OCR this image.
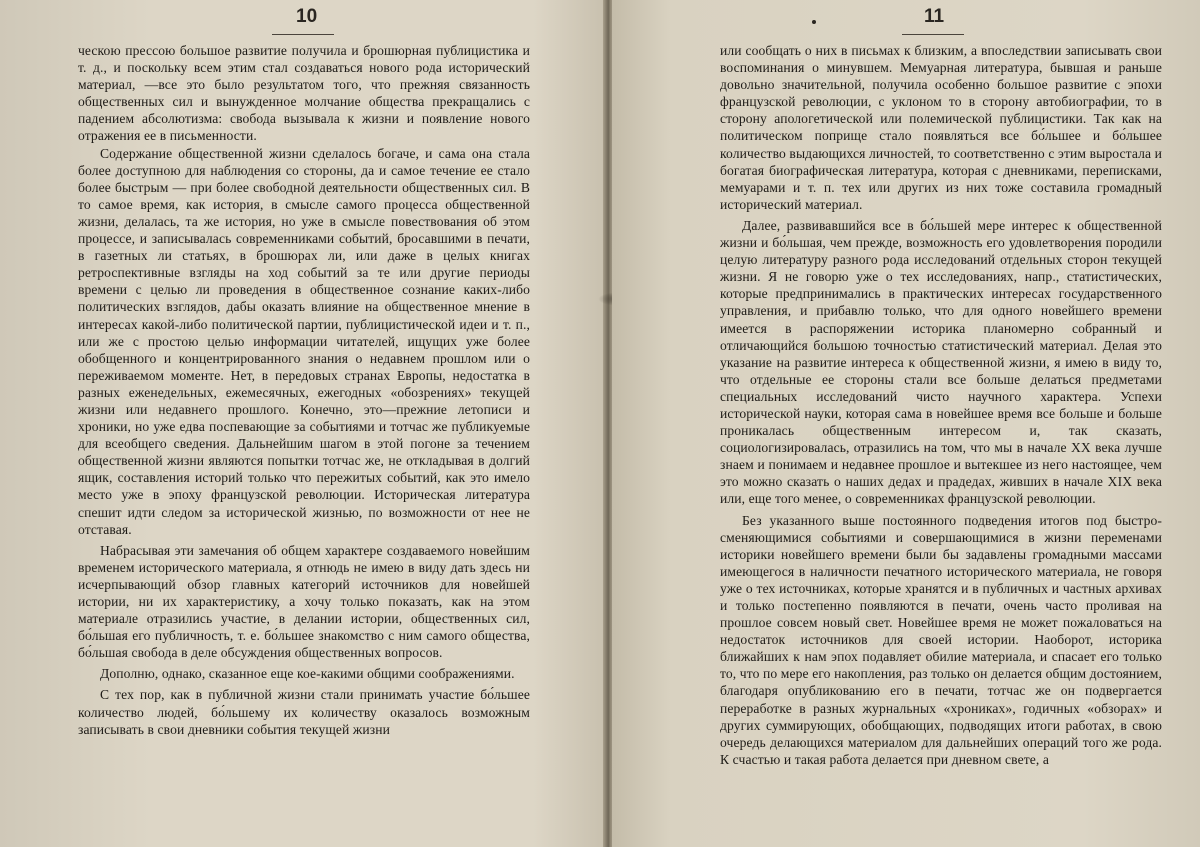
10

ческою прессою большое развитие получила и брошюрная публицистика и т. д., и поскольку всем этим стал создаваться нового рода исторический материал, —все это было результатом того, что прежняя связанность общественных сил и вынужденное молчание общества прекращались с падением абсолютизма: свобода вызывала к жизни и появление нового отражения ее в письменности.

Содержание общественной жизни сделалось богаче, и сама она стала более доступною для наблюдения со стороны, да и самое течение ее стало более быстрым — при более свободной деятельности общественных сил. В то самое время, как история, в смысле самого процесса общественной жизни, делалась, та же история, но уже в смысле повествования об этом процессе, и записывалась современниками событий, бросавшими в печати, в газетных ли статьях, в брошюрах ли, или даже в целых книгах ретроспективные взгляды на ход событий за те или другие периоды времени с целью ли проведения в общественное сознание каких-либо политических взглядов, дабы оказать влияние на общественное мнение в интересах какой-либо политической партии, публицистической идеи и т. п., или же с простою целью информации читателей, ищущих уже более обобщенного и концентрированного знания о недавнем прошлом или о переживаемом моменте. Нет, в передовых странах Европы, недостатка в разных еженедельных, ежемесячных, ежегодных «обозрениях» текущей жизни или недавнего прошлого. Конечно, это—прежние летописи и хроники, но уже едва поспевающие за событиями и тотчас же публикуемые для всеобщего сведения. Дальнейшим шагом в этой погоне за течением общественной жизни являются попытки тотчас же, не откладывая в долгий ящик, составления историй только что пережитых событий, как это имело место уже в эпоху французской революции. Историческая литература спешит идти следом за исторической жизнью, по возможности от нее не отставая.

Набрасывая эти замечания об общем характере создаваемого новейшим временем исторического материала, я отнюдь не имею в виду дать здесь ни исчерпывающий обзор главных категорий источников для новейшей истории, ни их характеристику, а хочу только показать, как на этом материале отразились участие, в делании истории, общественных сил, бо́льшая его публичность, т. е. бо́льшее знакомство с ним самого общества, бо́льшая свобода в деле обсуждения общественных вопросов.

Дополню, однако, сказанное еще кое-какими общими соображениями.

С тех пор, как в публичной жизни стали принимать участие бо́льшее количество людей, бо́льшему их количеству оказалось возможным записывать в свои дневники события текущей жизни

11

или сообщать о них в письмах к близким, а впоследствии записывать свои воспоминания о минувшем. Мемуарная литература, бывшая и раньше довольно значительной, получила особенно большое развитие с эпохи французской революции, с уклоном то в сторону автобиографии, то в сторону апологетической или полемической публицистики. Так как на политическом поприще стало появляться все бо́льшее и бо́льшее количество выдающихся личностей, то соответственно с этим выростала и богатая биографическая литература, которая с дневниками, переписками, мемуарами и т. п. тех или других из них тоже составила громадный исторический материал.

Далее, развивавшийся все в бо́льшей мере интерес к общественной жизни и бо́льшая, чем прежде, возможность его удовлетворения породили целую литературу разного рода исследований отдельных сторон текущей жизни. Я не говорю уже о тех исследованиях, напр., статистических, которые предпринимались в практических интересах государственного управления, и прибавлю только, что для одного новейшего времени имеется в распоряжении историка планомерно собранный и отличающийся большою точностью статистический материал. Делая это указание на развитие интереса к общественной жизни, я имею в виду то, что отдельные ее стороны стали все больше делаться предметами специальных исследований чисто научного характера. Успехи исторической науки, которая сама в новейшее время все больше и больше проникалась общественным интересом и, так сказать, социологизировалась, отразились на том, что мы в начале XX века лучше знаем и понимаем и недавнее прошлое и вытекшее из него настоящее, чем это можно сказать о наших дедах и прадедах, живших в начале XIX века или, еще того менее, о современниках французской революции.

Без указанного выше постоянного подведения итогов под быстро-сменяющимися событиями и совершающимися в жизни переменами историки новейшего времени были бы задавлены громадными массами имеющегося в наличности печатного исторического материала, не говоря уже о тех источниках, которые хранятся и в публичных и частных архивах и только постепенно появляются в печати, очень часто проливая на прошлое совсем новый свет. Новейшее время не может пожаловаться на недостаток источников для своей истории. Наоборот, историка ближайших к нам эпох подавляет обилие материала, и спасает его только то, что по мере его накопления, раз только он делается общим достоянием, благодаря опубликованию его в печати, тотчас же он подвергается переработке в разных журнальных «хрониках», годичных «обзорах» и других суммирующих, обобщающих, подводящих итоги работах, в свою очередь делающихся материалом для дальнейших операций того же рода. К счастью и такая работа делается при дневном свете, а
